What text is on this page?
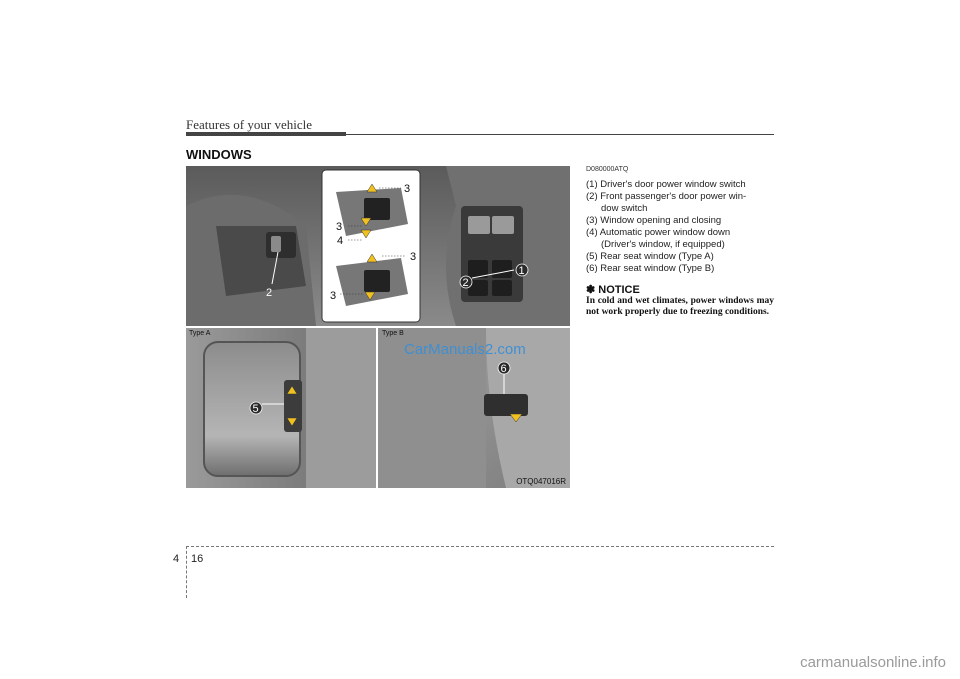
Features of your vehicle
WINDOWS
2
3
3
4
3
3
1
2
5
6
Type A	Type B
CarManuals2.com
OTQ047016R
D080000ATQ
(1) Driver's door power window switch
(2) Front passenger's door power win-
dow switch
(3) Window opening and closing
(4) Automatic power window down
(Driver's window, if equipped)
(5) Rear seat window (Type A)
(6) Rear seat window (Type B)
✽ NOTICE
In cold and wet climates, power windows may not work properly due to freezing conditions.
4 16
carmanualsonline.info
